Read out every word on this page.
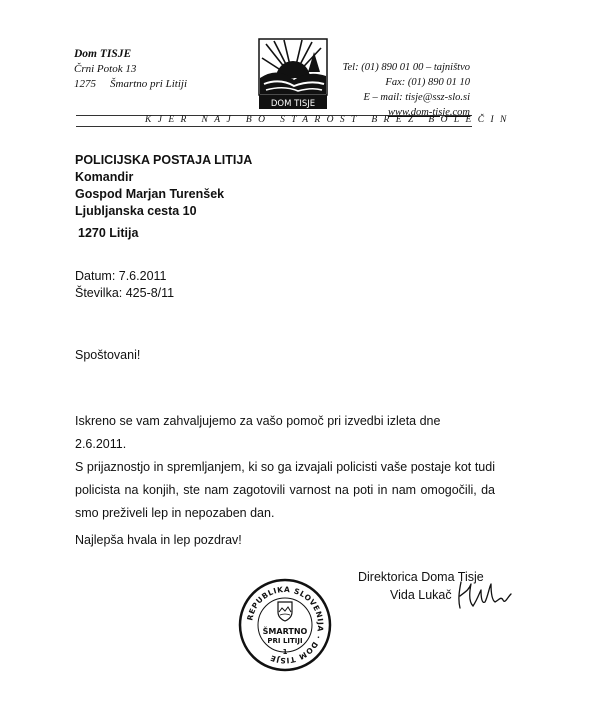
Dom TISJE
Črni Potok 13
1275 Šmartno pri Litiji
DOM TISJE
Tel: (01) 890 01 00 – tajništvo
Fax: (01) 890 01 10
E – mail: tisje@ssz-slo.si
www.dom-tisje.com
KJER NAJ BO STAROST BREZ BOLEČIN
POLICIJSKA POSTAJA LITIJA
Komandir
Gospod Marjan Turenšek
Ljubljanska cesta 10
1270 Litija
Datum: 7.6.2011
Številka: 425-8/11
Spoštovani!
Iskreno se vam zahvaljujemo za vašo pomoč pri izvedbi izleta dne 2.6.2011.
S prijaznostjo in spremljanjem, ki so ga izvajali policisti vaše postaje kot tudi policista na konjih, ste nam zagotovili varnost na poti in nam omogočili, da smo preživeli lep in nepozaben dan.
Najlepša hvala in lep pozdrav!
Direktorica Doma Tisje
Vida Lukač
REPUBLIKA SLOVENIJA · DOM TISJE
ŠMARTNO
PRI LITIJI
1
